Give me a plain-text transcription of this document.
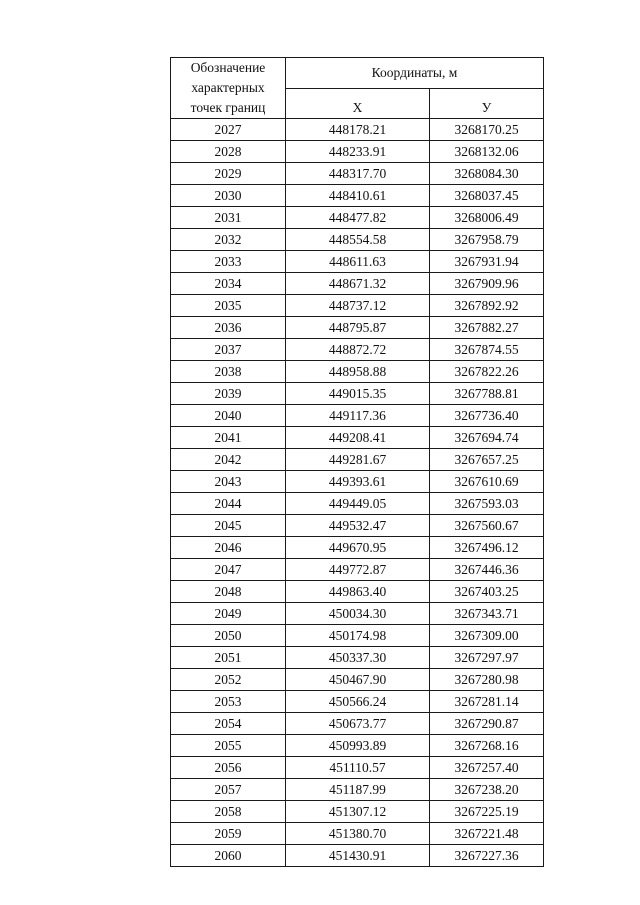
Обозначение
характерных
точек границ	Координаты, м	
	X	У
2027	448178.21	3268170.25
2028	448233.91	3268132.06
2029	448317.70	3268084.30
2030	448410.61	3268037.45
2031	448477.82	3268006.49
2032	448554.58	3267958.79
2033	448611.63	3267931.94
2034	448671.32	3267909.96
2035	448737.12	3267892.92
2036	448795.87	3267882.27
2037	448872.72	3267874.55
2038	448958.88	3267822.26
2039	449015.35	3267788.81
2040	449117.36	3267736.40
2041	449208.41	3267694.74
2042	449281.67	3267657.25
2043	449393.61	3267610.69
2044	449449.05	3267593.03
2045	449532.47	3267560.67
2046	449670.95	3267496.12
2047	449772.87	3267446.36
2048	449863.40	3267403.25
2049	450034.30	3267343.71
2050	450174.98	3267309.00
2051	450337.30	3267297.97
2052	450467.90	3267280.98
2053	450566.24	3267281.14
2054	450673.77	3267290.87
2055	450993.89	3267268.16
2056	451110.57	3267257.40
2057	451187.99	3267238.20
2058	451307.12	3267225.19
2059	451380.70	3267221.48
2060	451430.91	3267227.36
